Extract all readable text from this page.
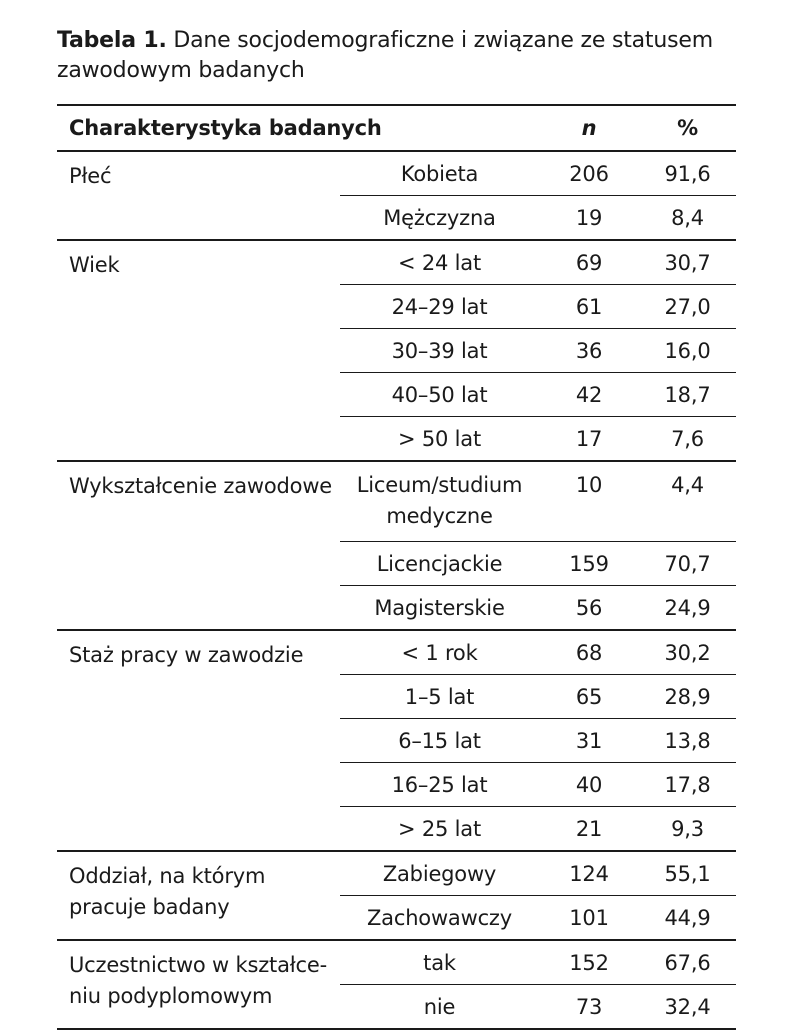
Tabela 1. Dane socjodemograficzne i związane ze statusem zawodowym badanych
Charakterystyka badanych		n	%
Płeć	Kobieta	206	91,6
	Mężczyzna	19	8,4
Wiek	< 24 lat	69	30,7
	24–29 lat	61	27,0
	30–39 lat	36	16,0
	40–50 lat	42	18,7
	> 50 lat	17	7,6
Wykształcenie zawodowe	Liceum/studium medyczne	10	4,4
	Licencjackie	159	70,7
	Magisterskie	56	24,9
Staż pracy w zawodzie	< 1 rok	68	30,2
	1–5 lat	65	28,9
	6–15 lat	31	13,8
	16–25 lat	40	17,8
	> 25 lat	21	9,3
Oddział, na którym pracuje badany	Zabiegowy	124	55,1
	Zachowawczy	101	44,9
Uczestnictwo w kształce-niu podyplomowym	tak	152	67,6
	nie	73	32,4
